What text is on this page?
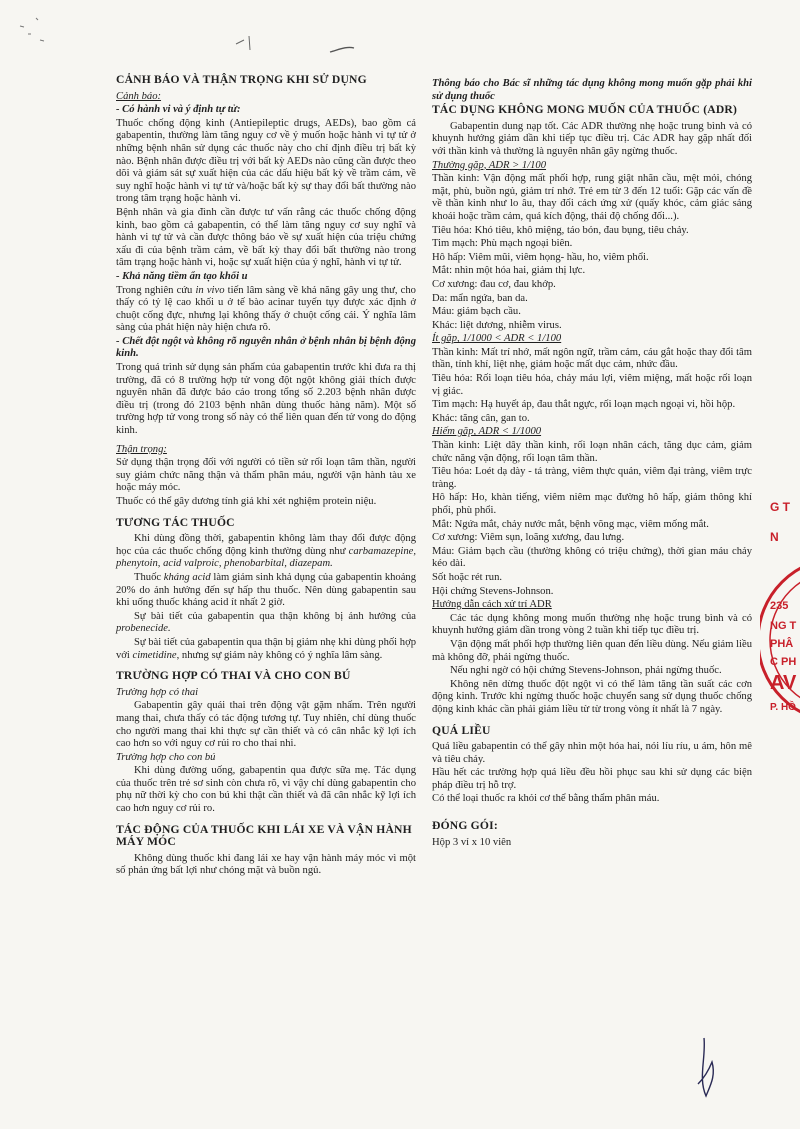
CẢNH BÁO VÀ THẬN TRỌNG KHI SỬ DỤNG

Cảnh báo:

- Có hành vi và ý định tự tử:

Thuốc chống động kinh (Antiepileptic drugs, AEDs), bao gồm cả gabapentin, thường làm tăng nguy cơ về ý muốn hoặc hành vi tự tử ở những bệnh nhân sử dụng các thuốc này cho chỉ định điều trị bất kỳ nào. Bệnh nhân được điều trị với bất kỳ AEDs nào cũng cần được theo dõi và giám sát sự xuất hiện của các dấu hiệu bất kỳ về trầm cảm, về suy nghĩ hoặc hành vi tự tử và/hoặc bất kỳ sự thay đổi bất thường nào trong tâm trạng hoặc hành vi.

Bệnh nhân và gia đình cần được tư vấn rằng các thuốc chống động kinh, bao gồm cả gabapentin, có thể làm tăng nguy cơ suy nghĩ và hành vi tự tử và cần được thông báo về sự xuất hiện của triệu chứng xấu đi của bệnh trầm cảm, về bất kỳ thay đổi bất thường nào trong tâm trạng hoặc hành vi, hoặc sự xuất hiện của ý nghĩ, hành vi tự tử.

- Khả năng tiềm ẩn tạo khối u

Trong nghiên cứu in vivo tiến lâm sàng về khả năng gây ung thư, cho thấy có tỷ lệ cao khối u ở tế bào acinar tuyến tụy được xác định ở chuột cống đực, nhưng lại không thấy ở chuột cống cái. Ý nghĩa lâm sàng của phát hiện này hiện chưa rõ.

- Chết đột ngột và không rõ nguyên nhân ở bệnh nhân bị bệnh động kinh.

Trong quá trình sử dụng sản phẩm của gabapentin trước khi đưa ra thị trường, đã có 8 trường hợp tử vong đột ngột không giải thích được nguyên nhân đã được báo cáo trong tổng số 2.203 bệnh nhân được điều trị (trong đó 2103 bệnh nhân dùng thuốc hàng năm). Một số trường hợp tử vong trong số này có thể liên quan đến tử vong do động kinh.

Thận trọng:

Sử dụng thận trọng đối với người có tiền sử rối loạn tâm thần, người suy giảm chức năng thận và thẩm phân máu, người vận hành tàu xe hoặc máy móc.

Thuốc có thể gây dương tính giả khi xét nghiệm protein niệu.

TƯƠNG TÁC THUỐC

Khi dùng đồng thời, gabapentin không làm thay đổi được động học của các thuốc chống động kinh thường dùng như carbamazepine, phenytoin, acid valproic, phenobarbital, diazepam.

Thuốc kháng acid làm giảm sinh khả dụng của gabapentin khoảng 20% do ảnh hưởng đến sự hấp thu thuốc. Nên dùng gabapentin sau khi uống thuốc kháng acid ít nhất 2 giờ.

Sự bài tiết của gabapentin qua thận không bị ảnh hưởng của probenecide.

Sự bài tiết của gabapentin qua thận bị giảm nhẹ khi dùng phối hợp với cimetidine, nhưng sự giảm này không có ý nghĩa lâm sàng.

TRƯỜNG HỢP CÓ THAI VÀ CHO CON BÚ

Trường hợp có thai

Gabapentin gây quái thai trên động vật gặm nhấm. Trên người mang thai, chưa thấy có tác động tương tự. Tuy nhiên, chỉ dùng thuốc cho người mang thai khi thực sự cần thiết và có cân nhắc kỹ lợi ích cao hơn so với nguy cơ rủi ro cho thai nhi.

Trường hợp cho con bú

Khi dùng đường uống, gabapentin qua được sữa mẹ. Tác dụng của thuốc trên trẻ sơ sinh còn chưa rõ, vì vậy chỉ dùng gabapentin cho phụ nữ thời kỳ cho con bú khi thật cần thiết và đã cân nhắc kỹ lợi ích cao hơn nguy cơ rủi ro.

TÁC ĐỘNG CỦA THUỐC KHI LÁI XE VÀ VẬN HÀNH MÁY MÓC

Không dùng thuốc khi đang lái xe hay vận hành máy móc vì một số phản ứng bất lợi như chóng mặt và buồn ngủ.

Thông báo cho Bác sĩ những tác dụng không mong muốn gặp phải khi sử dụng thuốc

TÁC DỤNG KHÔNG MONG MUỐN CỦA THUỐC (ADR)

Gabapentin dung nạp tốt. Các ADR thường nhẹ hoặc trung bình và có khuynh hướng giảm dần khi tiếp tục điều trị. Các ADR hay gặp nhất đối với thần kinh và thường là nguyên nhân gây ngừng thuốc.

Thường gặp, ADR > 1/100

Thần kinh: Vận động mất phối hợp, rung giật nhãn cầu, mệt mỏi, chóng mặt, phù, buồn ngủ, giảm trí nhớ. Trẻ em từ 3 đến 12 tuổi: Gặp các vấn đề về thần kinh như lo âu, thay đổi cách ứng xử (quấy khóc, cảm giác sảng khoái hoặc trầm cảm, quá kích động, thái độ chống đối...).

Tiêu hóa: Khó tiêu, khô miệng, táo bón, đau bụng, tiêu chảy.

Tim mạch: Phù mạch ngoại biên.

Hô hấp: Viêm mũi, viêm họng- hầu, ho, viêm phổi.

Mắt: nhìn một hóa hai, giảm thị lực.

Cơ xương: đau cơ, đau khớp.

Da: mẩn ngứa, ban da.

Máu: giảm bạch cầu.

Khác: liệt dương, nhiễm virus.

Ít gặp, 1/1000 < ADR < 1/100

Thần kinh: Mất trí nhớ, mất ngôn ngữ, trầm cảm, cáu gắt hoặc thay đổi tâm thần, tính khí, liệt nhẹ, giảm hoặc mất dục cảm, nhức đầu.

Tiêu hóa: Rối loạn tiêu hóa, chảy máu lợi, viêm miệng, mất hoặc rối loạn vị giác.

Tim mạch: Hạ huyết áp, đau thắt ngực, rối loạn mạch ngoại vi, hồi hộp.

Khác: tăng cân, gan to.

Hiếm gặp, ADR < 1/1000

Thần kinh: Liệt dây thần kinh, rối loạn nhân cách, tăng dục cảm, giảm chức năng vận động, rối loạn tâm thần.

Tiêu hóa: Loét dạ dày - tá tràng, viêm thực quản, viêm đại tràng, viêm trực tràng.

Hô hấp: Ho, khàn tiếng, viêm niêm mạc đường hô hấp, giảm thông khí phổi, phù phổi.

Mắt: Ngứa mắt, chảy nước mắt, bệnh võng mạc, viêm mống mắt.

Cơ xương: Viêm sụn, loãng xương, đau lưng.

Máu: Giảm bạch cầu (thường không có triệu chứng), thời gian máu chảy kéo dài.

Sốt hoặc rét run.

Hội chứng Stevens-Johnson.

Hướng dẫn cách xử trí ADR

Các tác dụng không mong muốn thường nhẹ hoặc trung bình và có khuynh hướng giảm dần trong vòng 2 tuần khi tiếp tục điều trị.

Vận động mất phối hợp thường liên quan đến liều dùng. Nếu giảm liều mà không đỡ, phải ngừng thuốc.

Nếu nghi ngờ có hội chứng Stevens-Johnson, phải ngừng thuốc.

Không nên dừng thuốc đột ngột vì có thể làm tăng tần suất các cơn động kinh. Trước khi ngừng thuốc hoặc chuyển sang sử dụng thuốc chống động kinh khác cần phải giảm liều từ từ trong vòng ít nhất là 7 ngày.

QUÁ LIỀU

Quá liều gabapentin có thể gây nhìn một hóa hai, nói líu ríu, u ám, hôn mê và tiêu chảy.

Hầu hết các trường hợp quá liều đều hồi phục sau khi sử dụng các biện pháp điều trị hỗ trợ.

Có thể loại thuốc ra khỏi cơ thể bằng thẩm phân máu.

ĐÓNG GÓI:

Hộp 3 vỉ x 10 viên

N
G T
235
NG T
PHÂ
C PH
AV
P. HỒ
